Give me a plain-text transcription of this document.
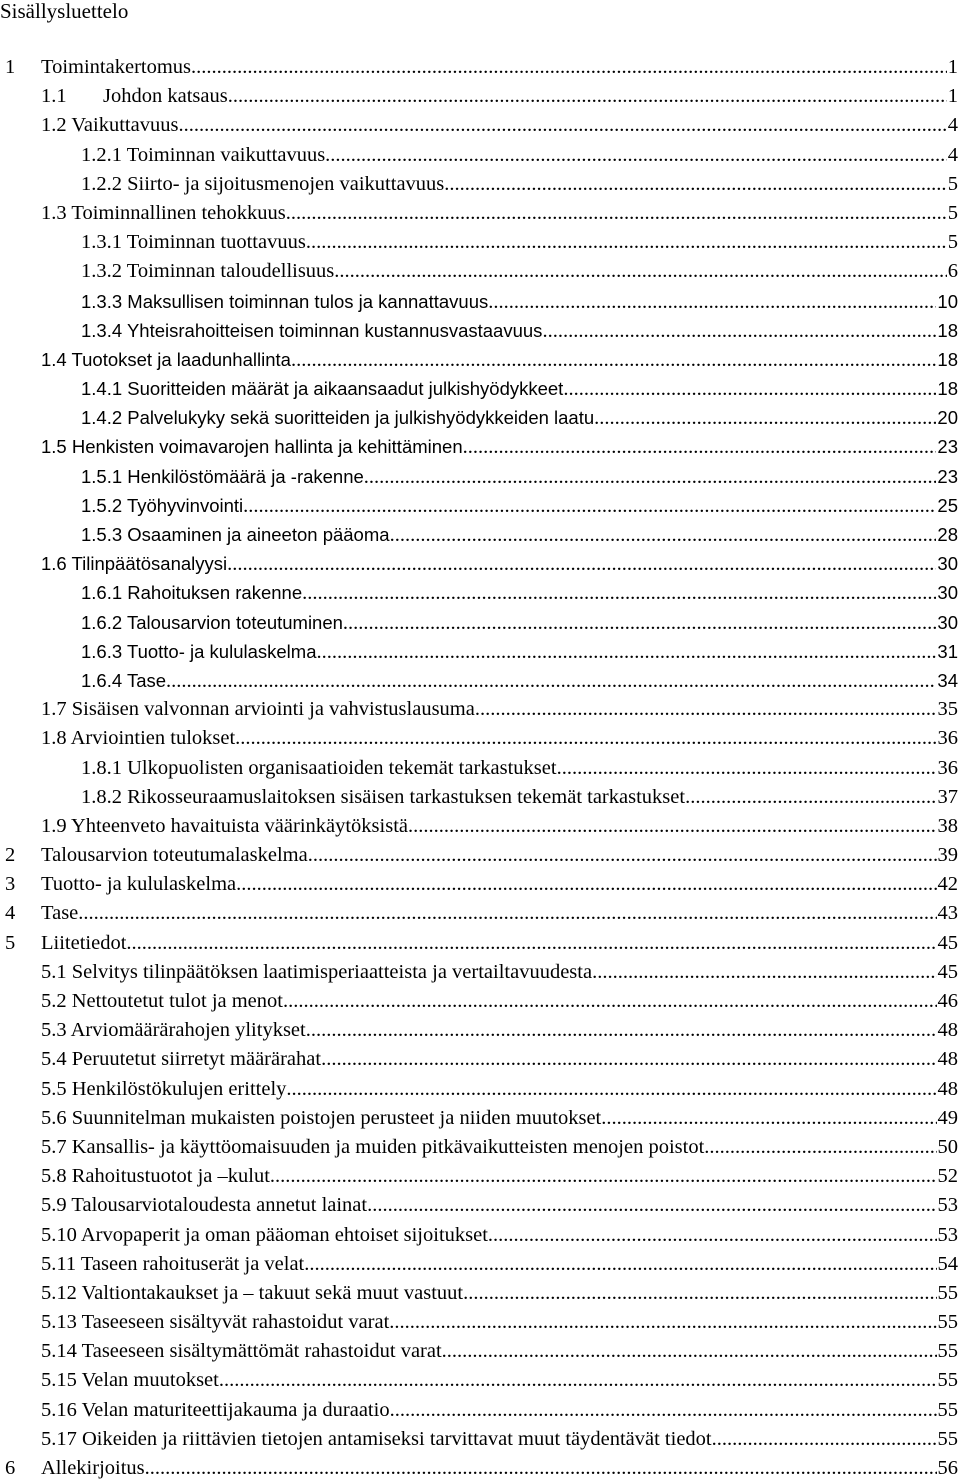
Sisällysluettelo
1 Toimintakertomus .....	1
1.1 Johdon katsaus .....	1
1.2 Vaikuttavuus .....	4
1.2.1 Toiminnan vaikuttavuus .....	4
1.2.2 Siirto- ja sijoitusmenojen vaikuttavuus .....	5
1.3 Toiminnallinen tehokkuus .....	5
1.3.1 Toiminnan tuottavuus .....	5
1.3.2 Toiminnan taloudellisuus .....	6
1.3.3 Maksullisen toiminnan tulos ja kannattavuus .....	10
1.3.4 Yhteisrahoitteisen toiminnan kustannusvastaavuus .....	18
1.4 Tuotokset ja laadunhallinta .....	18
1.4.1 Suoritteiden määrät ja aikaansaadut julkishyödykkeet .....	18
1.4.2 Palvelukyky sekä suoritteiden ja julkishyödykkeiden laatu .....	20
1.5 Henkisten voimavarojen hallinta ja kehittäminen .....	23
1.5.1 Henkilöstömäärä ja -rakenne .....	23
1.5.2 Työhyvinvointi .....	25
1.5.3 Osaaminen ja aineeton pääoma .....	28
1.6 Tilinpäätösanalyysi .....	30
1.6.1 Rahoituksen rakenne .....	30
1.6.2 Talousarvion toteutuminen .....	30
1.6.3 Tuotto- ja kululaskelma .....	31
1.6.4 Tase .....	34
1.7 Sisäisen valvonnan arviointi ja vahvistuslausuma .....	35
1.8 Arviointien tulokset .....	36
1.8.1 Ulkopuolisten organisaatioiden tekemät tarkastukset .....	36
1.8.2 Rikosseuraamuslaitoksen sisäisen tarkastuksen tekemät tarkastukset .....	37
1.9 Yhteenveto havaituista väärinkäytöksistä .....	38
2 Talousarvion toteutumalaskelma .....	39
3 Tuotto- ja kululaskelma .....	42
4 Tase .....	43
5 Liitetiedot .....	45
5.1 Selvitys tilinpäätöksen laatimisperiaatteista ja vertailtavuudesta .....	45
5.2 Nettoutetut tulot ja menot .....	46
5.3 Arviomäärärahojen ylitykset .....	48
5.4 Peruutetut siirretyt määrärahat .....	48
5.5 Henkilöstökulujen erittely .....	48
5.6 Suunnitelman mukaisten poistojen perusteet ja niiden muutokset .....	49
5.7 Kansallis- ja käyttöomaisuuden ja muiden pitkävaikutteisten menojen poistot .....	50
5.8 Rahoitustuotot ja –kulut .....	52
5.9 Talousarviotaloudesta annetut lainat .....	53
5.10 Arvopaperit ja oman pääoman ehtoiset sijoitukset .....	53
5.11 Taseen rahoituserät ja velat .....	54
5.12 Valtiontakaukset ja – takuut sekä muut vastuut .....	55
5.13 Taseeseen sisältyvät rahastoidut varat .....	55
5.14 Taseeseen sisältymättömät rahastoidut varat .....	55
5.15 Velan muutokset .....	55
5.16 Velan maturiteettijakauma ja duraatio .....	55
5.17 Oikeiden ja riittävien tietojen antamiseksi tarvittavat muut täydentävät tiedot .....	55
6 Allekirjoitus .....	56
